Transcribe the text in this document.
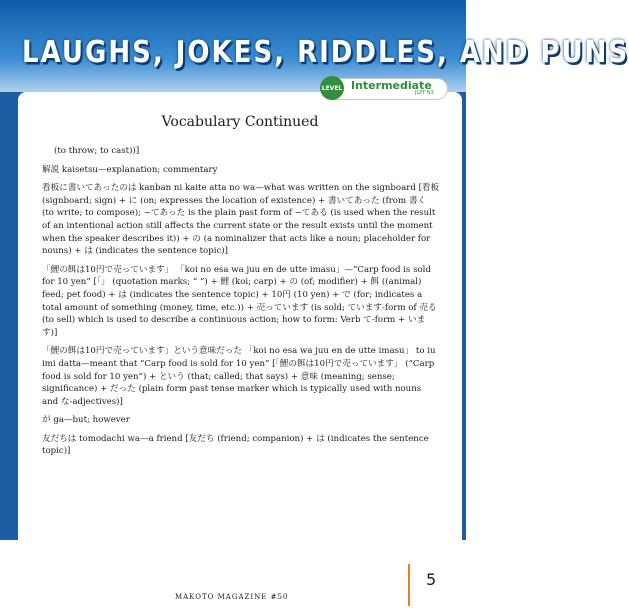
LAUGHS, JOKES, RIDDLES, AND PUNS
Vocabulary Continued

(to throw; to cast))]

解説 kaisetsu—explanation; commentary

看板に書いてあったのは kanban ni kaite atta no wa—what was written on the signboard [看板 (signboard; sign) + に (on; expresses the location of existence) + 書いてあった (from 書く (to write; to compose); ~てあった is the plain past form of ~てある (is used when the result of an intentional action still affects the current state or the result exists until the moment when the speaker describes it)) + の (a nominalizer that acts like a noun; placeholder for nouns) + は (indicates the sentence topic)]

「鯉の餌は10円で売っています」 「koi no esa wa juu en de utte imasu」—“Carp food is sold for 10 yen” [「」 (quotation marks; “ ”) + 鯉 (koi; carp) + の (of; modifier) + 餌 ((animal) feed; pet food) + は (indicates the sentence topic) + 10円 (10 yen) + で (for; indicates a total amount of something (money, time, etc.)) + 売っています (is sold; ています-form of 売る (to sell) which is used to describe a continuous action; how to form: Verb て-form + います)]

「鯉の餌は10円で売っています」という意味だった 「koi no esa wa juu en de utte imasu」 to iu imi datta—meant that “Carp food is sold for 10 yen” [「鯉の餌は10円で売っています」 (“Carp food is sold for 10 yen”) + という (that; called; that says) + 意味 (meaning; sense; significance) + だった (plain form past tense marker which is typically used with nouns and な-adjectives)]

が ga—but; however

友だちは tomodachi wa—a friend [友だち (friend; companion) + は (indicates the sentence topic)]

LEVEL Intermediate
JLPT N3
MAKOTO MAGAZINE #50
5
